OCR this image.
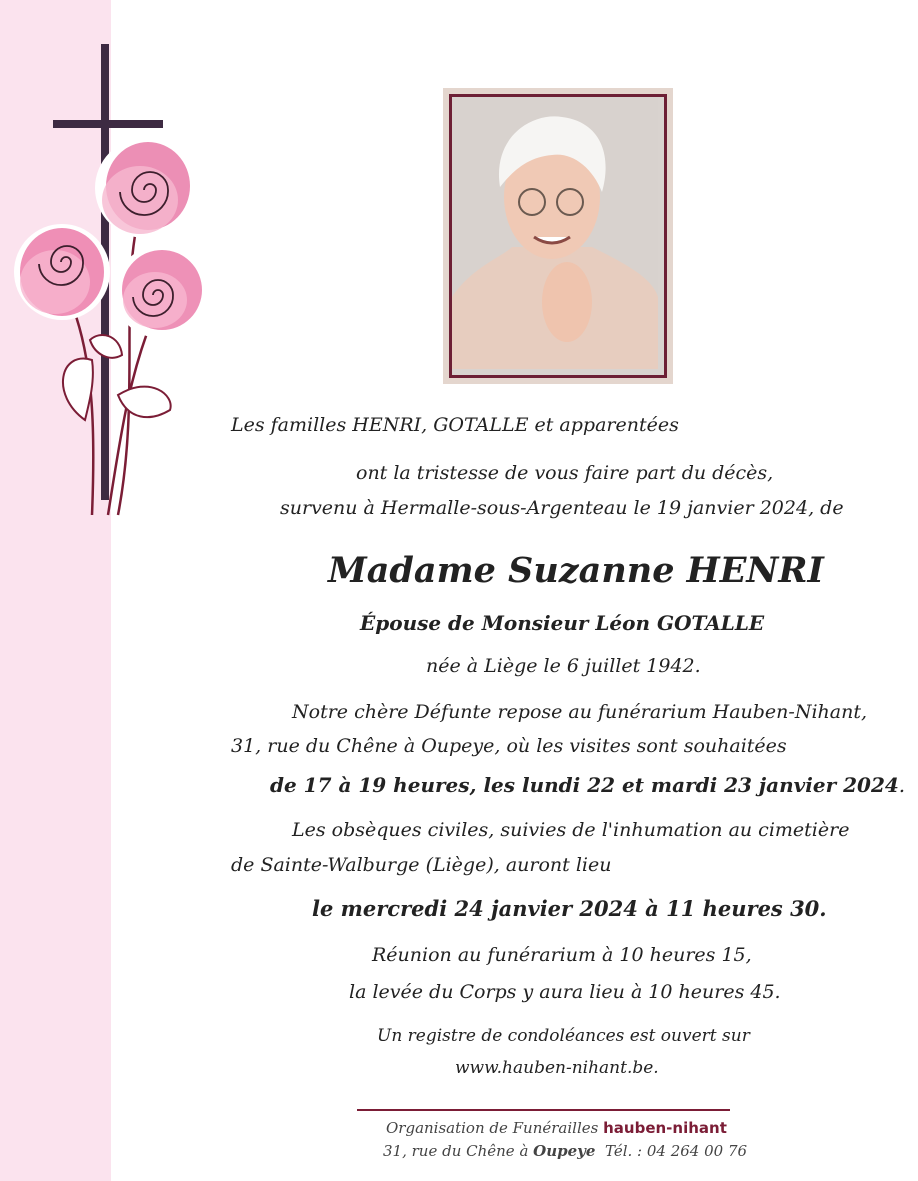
Les familles HENRI, GOTALLE et apparentées
ont la tristesse de vous faire part du décès,
survenu à Hermalle-sous-Argenteau le 19 janvier 2024, de
Madame Suzanne HENRI
Épouse de Monsieur Léon GOTALLE
née à Liège le 6 juillet 1942.
Notre chère Défunte repose au funérarium Hauben-Nihant,
31, rue du Chêne à Oupeye, où les visites sont souhaitées
de 17 à 19 heures, les lundi 22 et mardi 23 janvier 2024.
Les obsèques civiles, suivies de l'inhumation au cimetière
de Sainte-Walburge (Liège), auront lieu
le mercredi 24 janvier 2024 à 11 heures 30.
Réunion au funérarium à 10 heures 15,
la levée du Corps y aura lieu à 10 heures 45.
Un registre de condoléances est ouvert sur
www.hauben-nihant.be.
Organisation de Funérailles hauben-nihant
31, rue du Chêne à Oupeye  Tél. : 04 264 00 76
